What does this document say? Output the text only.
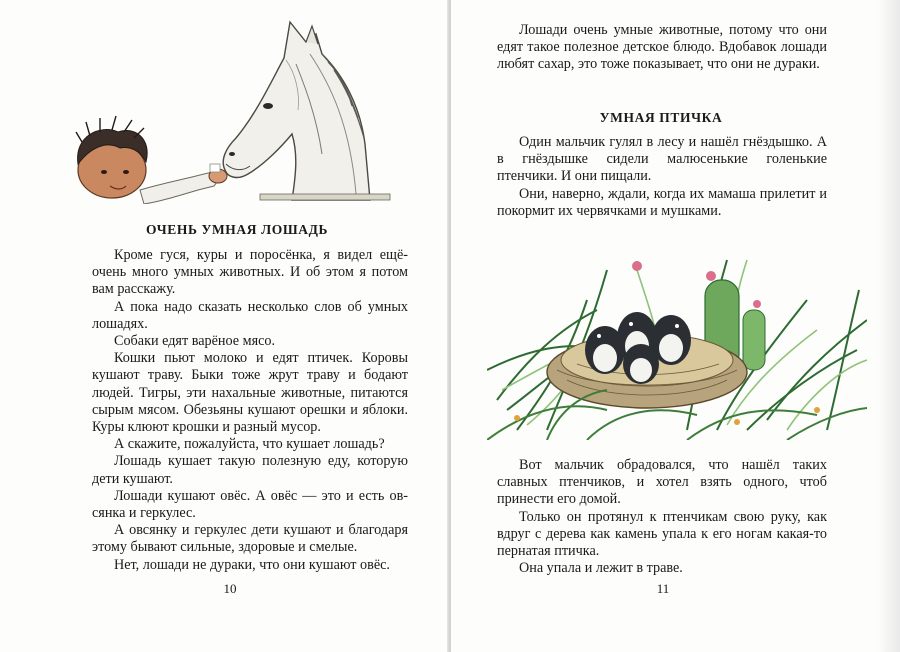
ОЧЕНЬ УМНАЯ ЛОШАДЬ

Кроме гуся, куры и поросёнка, я видел ещёочень много умных животных. И об этом я потом вам расскажу.

А пока надо сказать несколько слов об умных лошадях.

Собаки едят варёное мясо.

Кошки пьют молоко и едят птичек. Коровы кушают траву. Быки тоже жрут траву и бодают людей. Тигры, эти нахальные животные, питаются сырым мясом. Обезьяны кушают орешки и яблоки. Куры клюют крошки и разный мусор.

А скажите, пожалуйста, что кушает лошадь?

Лошадь кушает такую полезную еду, которую дети кушают.

Лошади кушают овёс. А овёс — это и есть овсянка и геркулес.

А овсянку и геркулес дети кушают и благодаря этому бывают сильные, здоровые и смелые.

Нет, лошади не дураки, что они кушают овёс.

10

Лошади очень умные животные, потому что они едят такое полезное детское блюдо. Вдобавок лошади любят сахар, это тоже показывает, что они не дураки.

УМНАЯ ПТИЧКА

Один мальчик гулял в лесу и нашёл гнёздышко. А в гнёздышке сидели малюсенькие голенькие птенчики. И они пищали.

Они, наверно, ждали, когда их мамаша прилетит и покормит их червячками и мушками.

Вот мальчик обрадовался, что нашёл таких славных птенчиков, и хотел взять одного, чтоб принести его домой.

Только он протянул к птенчикам свою руку, как вдруг с дерева как камень упала к его ногам какая-то пернатая птичка.

Она упала и лежит в траве.

11
